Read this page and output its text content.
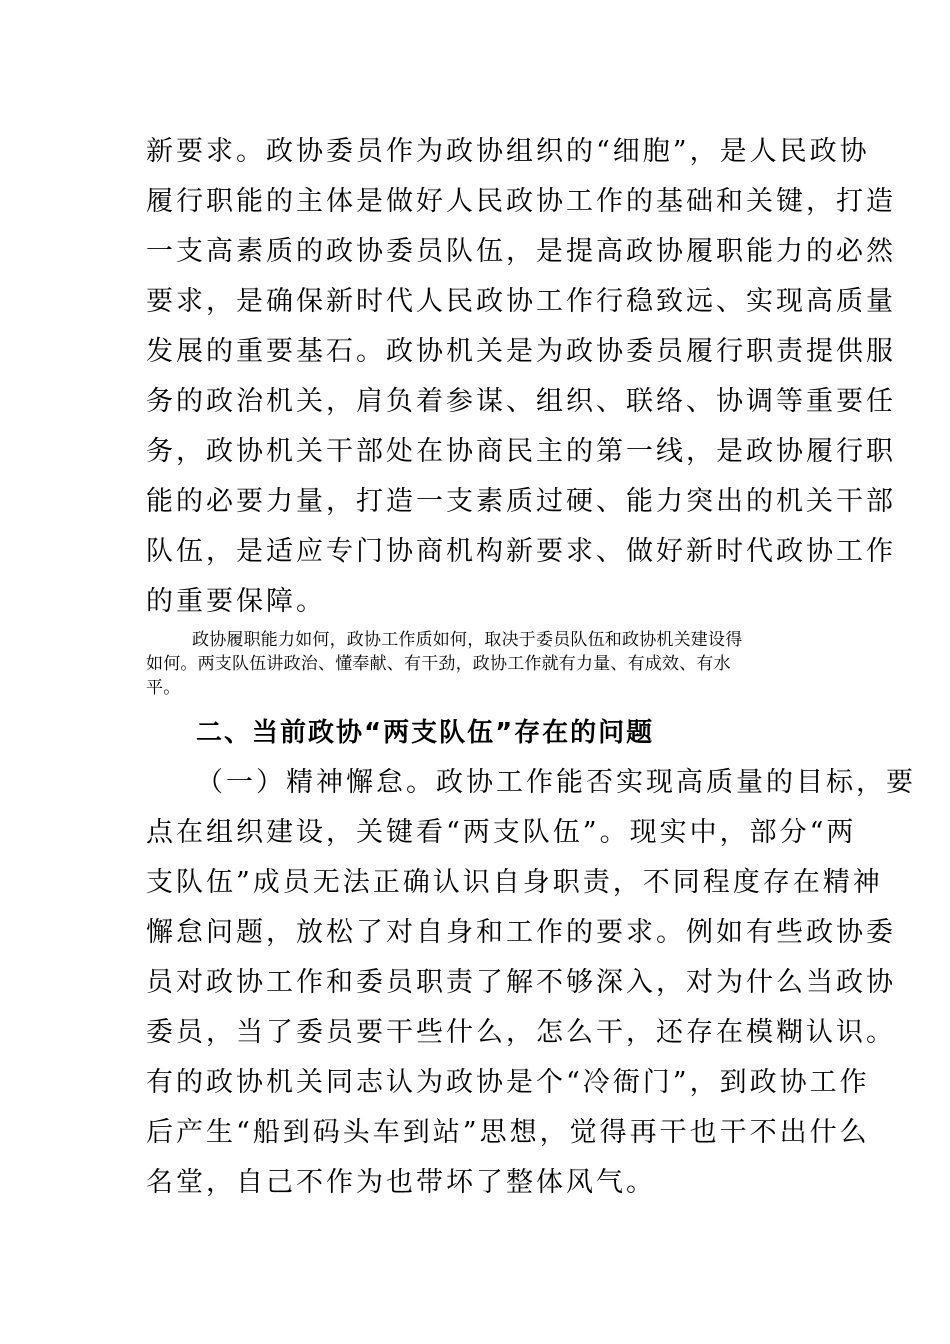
新要求。政协委员作为政协组织的“细胞”，是人民政协
履行职能的主体是做好人民政协工作的基础和关键，打造
一支高素质的政协委员队伍，是提高政协履职能力的必然
要求，是确保新时代人民政协工作行稳致远、实现高质量
发展的重要基石。政协机关是为政协委员履行职责提供服
务的政治机关，肩负着参谋、组织、联络、协调等重要任
务，政协机关干部处在协商民主的第一线，是政协履行职
能的必要力量，打造一支素质过硬、能力突出的机关干部
队伍，是适应专门协商机构新要求、做好新时代政协工作
的重要保障。
政协履职能力如何，政协工作质如何，取决于委员队伍和政协机关建设得
如何。两支队伍讲政治、懂奉献、有干劲，政协工作就有力量、有成效、有水
平。
二、当前政协“两支队伍”存在的问题
（一）精神懈怠。政协工作能否实现高质量的目标，要
点在组织建设，关键看“两支队伍”。现实中，部分“两
支队伍”成员无法正确认识自身职责，不同程度存在精神
懈怠问题，放松了对自身和工作的要求。例如有些政协委
员对政协工作和委员职责了解不够深入，对为什么当政协
委员，当了委员要干些什么，怎么干，还存在模糊认识。
有的政协机关同志认为政协是个“冷衙门”，到政协工作
后产生“船到码头车到站”思想，觉得再干也干不出什么
名堂，自己不作为也带坏了整体风气。
